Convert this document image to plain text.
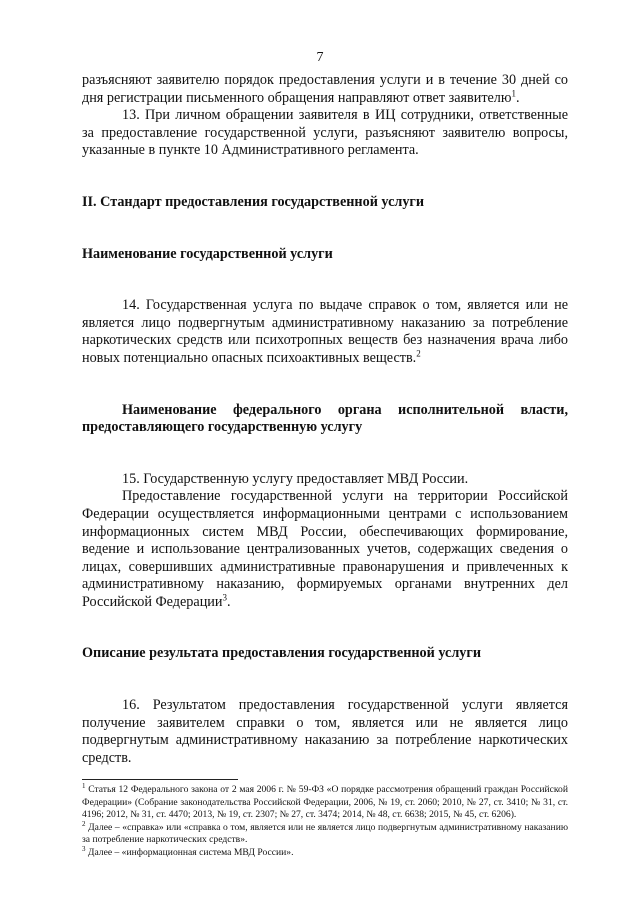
7

разъясняют заявителю порядок предоставления услуги и в течение 30 дней со дня регистрации письменного обращения направляют ответ заявителю$^1$.

13. При личном обращении заявителя в ИЦ сотрудники, ответственные за предоставление государственной услуги, разъясняют заявителю вопросы, указанные в пункте 10 Административного регламента.

II. Стандарт предоставления государственной услуги

Наименование государственной услуги

14. Государственная услуга по выдаче справок о том, является или не является лицо подвергнутым административному наказанию за потребление наркотических средств или психотропных веществ без назначения врача либо новых потенциально опасных психоактивных веществ.$^2$

Наименование федерального органа исполнительной власти, предоставляющего государственную услугу

15. Государственную услугу предоставляет МВД России.

Предоставление государственной услуги на территории Российской Федерации осуществляется информационными центрами с использованием информационных систем МВД России, обеспечивающих формирование, ведение и использование централизованных учетов, содержащих сведения о лицах, совершивших административные правонарушения и привлеченных к административному наказанию, формируемых органами внутренних дел Российской Федерации$^3$.

Описание результата предоставления государственной услуги

16. Результатом предоставления государственной услуги является получение заявителем справки о том, является или не является лицо подвергнутым административному наказанию за потребление наркотических средств.

$^1$ Статья 12 Федерального закона от 2 мая 2006 г. № 59-ФЗ «О порядке рассмотрения обращений граждан Российской Федерации» (Собрание законодательства Российской Федерации, 2006, № 19, ст. 2060; 2010, № 27, ст. 3410; № 31, ст. 4196; 2012, № 31, ст. 4470; 2013, № 19, ст. 2307; № 27, ст. 3474; 2014, № 48, ст. 6638; 2015, № 45, ст. 6206).

$^2$ Далее – «справка» или «справка о том, является или не является лицо подвергнутым административному наказанию за потребление наркотических средств».

$^3$ Далее – «информационная система МВД России».
